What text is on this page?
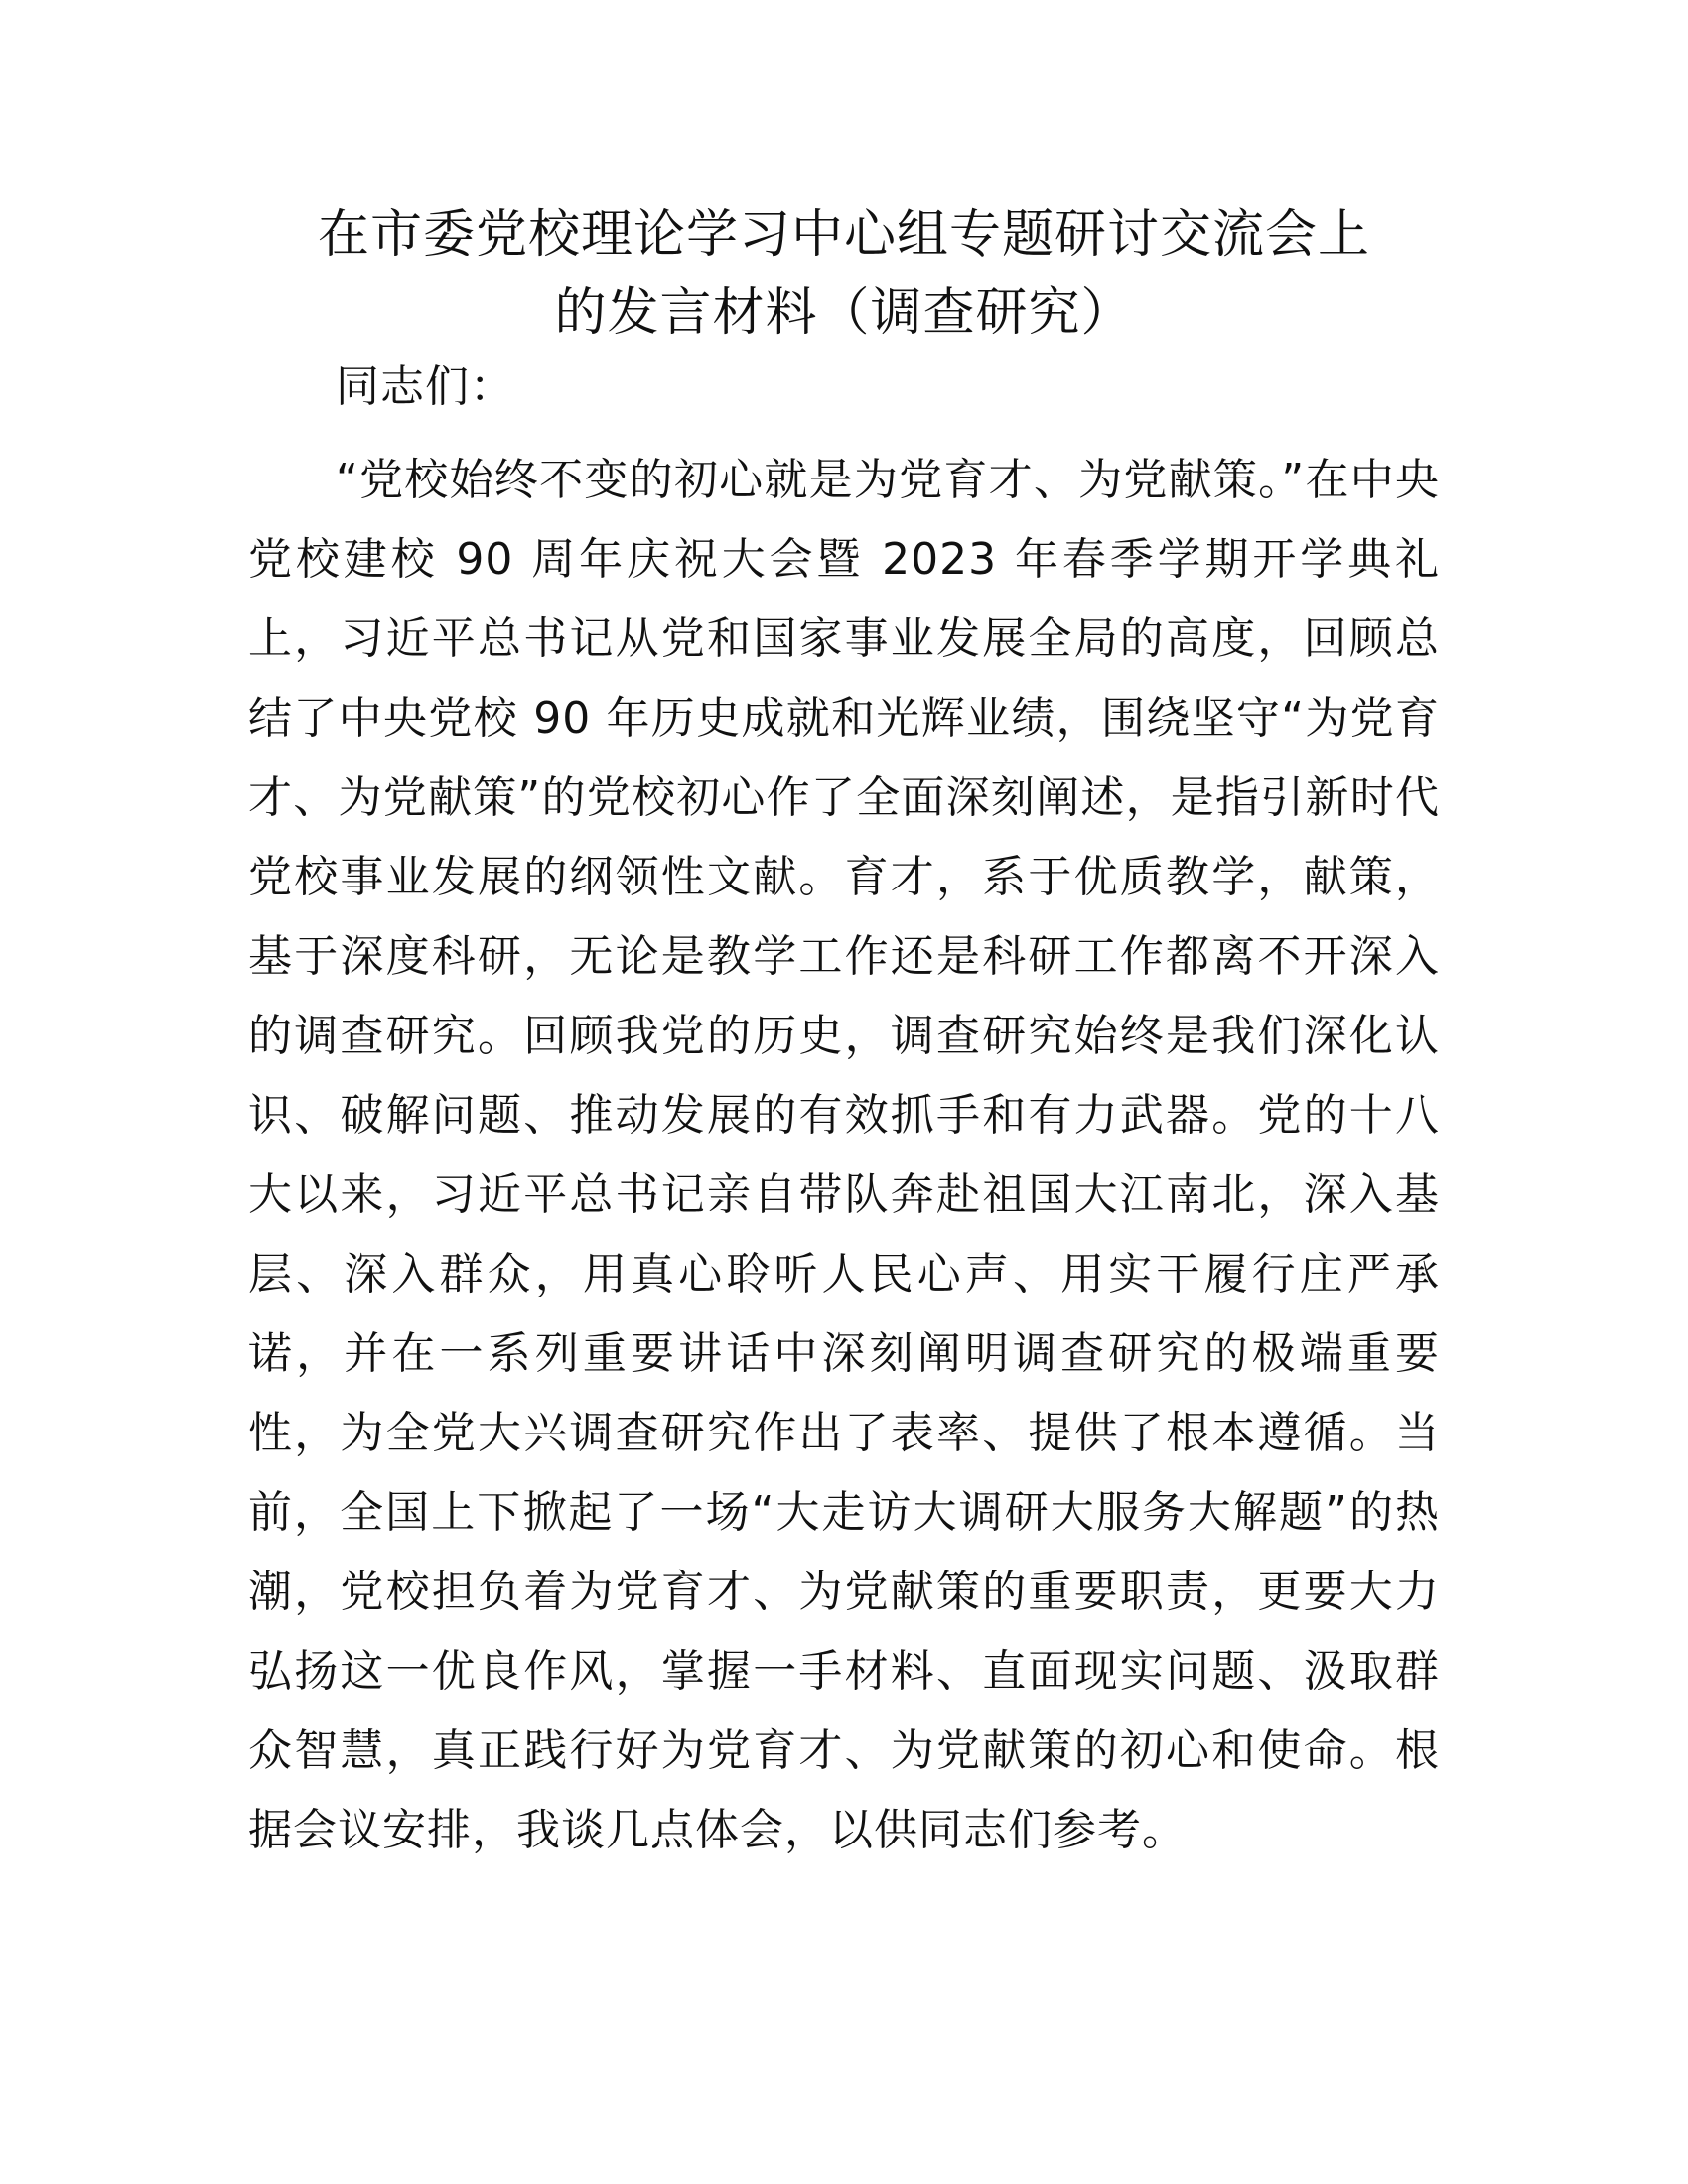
在市委党校理论学习中心组专题研讨交流会上
的发言材料（调查研究）

同志们：

“党校始终不变的初心就是为党育才、为党献策。”在中央党校建校 90 周年庆祝大会暨 2023 年春季学期开学典礼上，习近平总书记从党和国家事业发展全局的高度，回顾总结了中央党校 90 年历史成就和光辉业绩，围绕坚守“为党育才、为党献策”的党校初心作了全面深刻阐述，是指引新时代党校事业发展的纲领性文献。育才，系于优质教学，献策，基于深度科研，无论是教学工作还是科研工作都离不开深入的调查研究。回顾我党的历史，调查研究始终是我们深化认识、破解问题、推动发展的有效抓手和有力武器。党的十八大以来，习近平总书记亲自带队奔赴祖国大江南北，深入基层、深入群众，用真心聆听人民心声、用实干履行庄严承诺，并在一系列重要讲话中深刻阐明调查研究的极端重要性，为全党大兴调查研究作出了表率、提供了根本遵循。当前，全国上下掀起了一场“大走访大调研大服务大解题”的热潮，党校担负着为党育才、为党献策的重要职责，更要大力弘扬这一优良作风，掌握一手材料、直面现实问题、汲取群众智慧，真正践行好为党育才、为党献策的初心和使命。根据会议安排，我谈几点体会，以供同志们参考。
